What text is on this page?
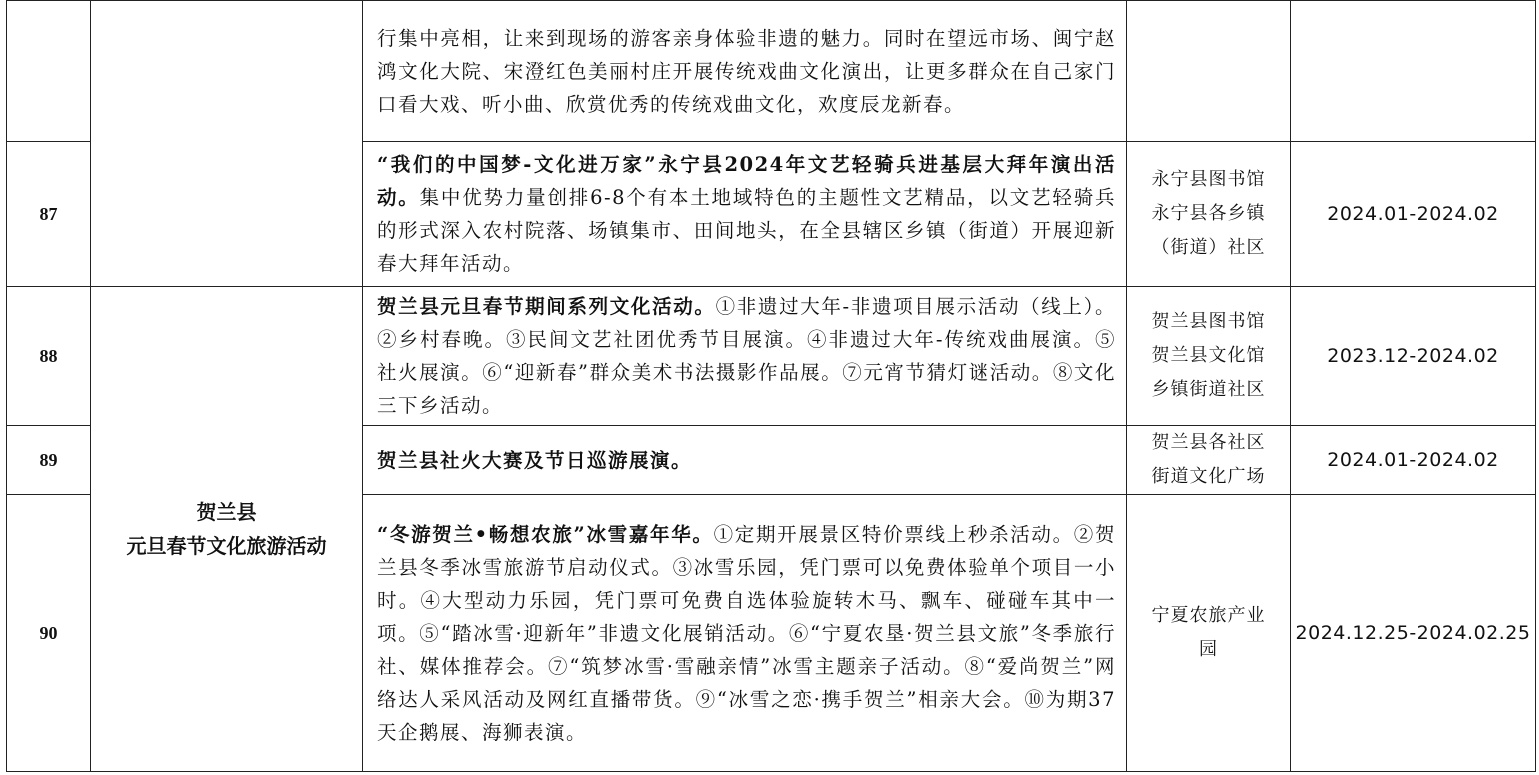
		行集中亮相，让来到现场的游客亲身体验非遗的魅力。同时在望远市场、闽宁赵鸿文化大院、宋澄红色美丽村庄开展传统戏曲文化演出，让更多群众在自己家门口看大戏、听小曲、欣赏优秀的传统戏曲文化，欢度辰龙新春。		
87		“我们的中国梦-文化进万家”永宁县2024年文艺轻骑兵进基层大拜年演出活动。集中优势力量创排6-8个有本土地域特色的主题性文艺精品，以文艺轻骑兵的形式深入农村院落、场镇集市、田间地头，在全县辖区乡镇（街道）开展迎新春大拜年活动。	永宁县图书馆
永宁县各乡镇
（街道）社区	2024.01-2024.02
88	贺兰县
元旦春节文化旅游活动	贺兰县元旦春节期间系列文化活动。①非遗过大年-非遗项目展示活动（线上）。②乡村春晚。③民间文艺社团优秀节目展演。④非遗过大年-传统戏曲展演。⑤社火展演。⑥“迎新春”群众美术书法摄影作品展。⑦元宵节猜灯谜活动。⑧文化三下乡活动。	贺兰县图书馆
贺兰县文化馆
乡镇街道社区	2023.12-2024.02
89		贺兰县社火大赛及节日巡游展演。	贺兰县各社区
街道文化广场	2024.01-2024.02
90		“冬游贺兰•畅想农旅”冰雪嘉年华。①定期开展景区特价票线上秒杀活动。②贺兰县冬季冰雪旅游节启动仪式。③冰雪乐园，凭门票可以免费体验单个项目一小时。④大型动力乐园，凭门票可免费自选体验旋转木马、飘车、碰碰车其中一项。⑤“踏冰雪·迎新年”非遗文化展销活动。⑥“宁夏农垦·贺兰县文旅”冬季旅行社、媒体推荐会。⑦“筑梦冰雪·雪融亲情”冰雪主题亲子活动。⑧“爱尚贺兰”网络达人采风活动及网红直播带货。⑨“冰雪之恋·携手贺兰”相亲大会。⑩为期37天企鹅展、海狮表演。	宁夏农旅产业
园	2024.12.25-2024.02.25
